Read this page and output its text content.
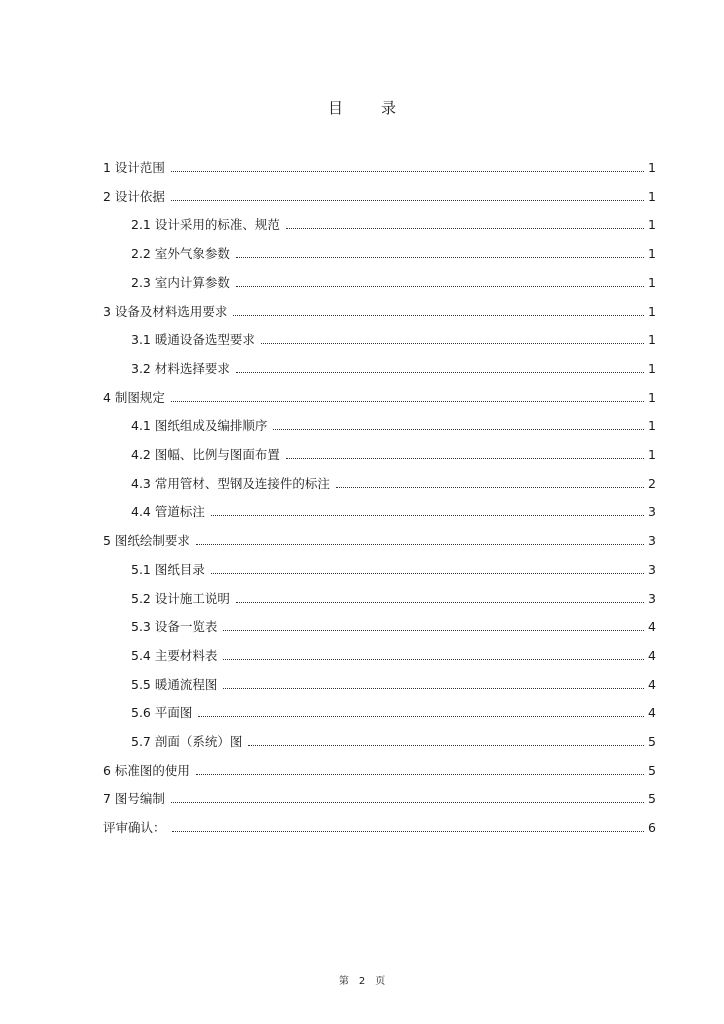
目	录
1 设计范围	1
2 设计依据	1
2.1 设计采用的标准、规范	1
2.2 室外气象参数	1
2.3 室内计算参数	1
3 设备及材料选用要求	1
3.1 暖通设备选型要求	1
3.2 材料选择要求	1
4 制图规定	1
4.1 图纸组成及编排顺序	1
4.2 图幅、比例与图面布置	1
4.3 常用管材、型钢及连接件的标注	2
4.4 管道标注	3
5 图纸绘制要求	3
5.1 图纸目录	3
5.2 设计施工说明	3
5.3 设备一览表	4
5.4 主要材料表	4
5.5 暖通流程图	4
5.6 平面图	4
5.7 剖面（系统）图	5
6 标准图的使用	5
7 图号编制	5
评审确认：	6
第 2 页
